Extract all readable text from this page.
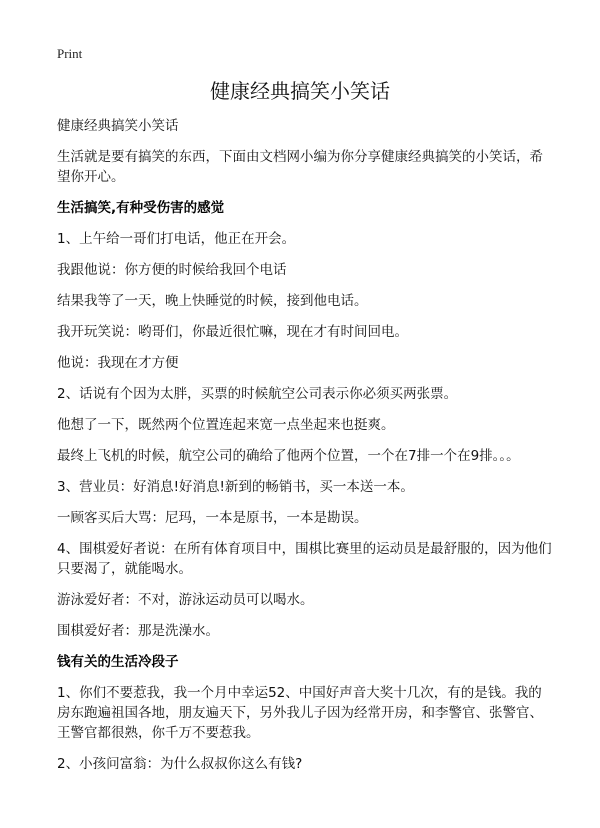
Print
健康经典搞笑小笑话
健康经典搞笑小笑话
生活就是要有搞笑的东西，下面由文档网小编为你分享健康经典搞笑的小笑话，希望你开心。
生活搞笑,有种受伤害的感觉
1、上午给一哥们打电话，他正在开会。
我跟他说：你方便的时候给我回个电话
结果我等了一天，晚上快睡觉的时候，接到他电话。
我开玩笑说：哟哥们，你最近很忙嘛，现在才有时间回电。
他说：我现在才方便
2、话说有个因为太胖，买票的时候航空公司表示你必须买两张票。
他想了一下，既然两个位置连起来宽一点坐起来也挺爽。
最终上飞机的时候，航空公司的确给了他两个位置，一个在7排一个在9排。。。
3、营业员：好消息!好消息!新到的畅销书，买一本送一本。
一顾客买后大骂：尼玛，一本是原书，一本是勘误。
4、围棋爱好者说：在所有体育项目中，围棋比赛里的运动员是最舒服的，因为他们只要渴了，就能喝水。
游泳爱好者：不对，游泳运动员可以喝水。
围棋爱好者：那是洗澡水。
钱有关的生活冷段子
1、你们不要惹我，我一个月中幸运52、中国好声音大奖十几次，有的是钱。我的房东跑遍祖国各地，朋友遍天下，另外我儿子因为经常开房，和李警官、张警官、王警官都很熟，你千万不要惹我。
2、小孩问富翁：为什么叔叔你这么有钱?
